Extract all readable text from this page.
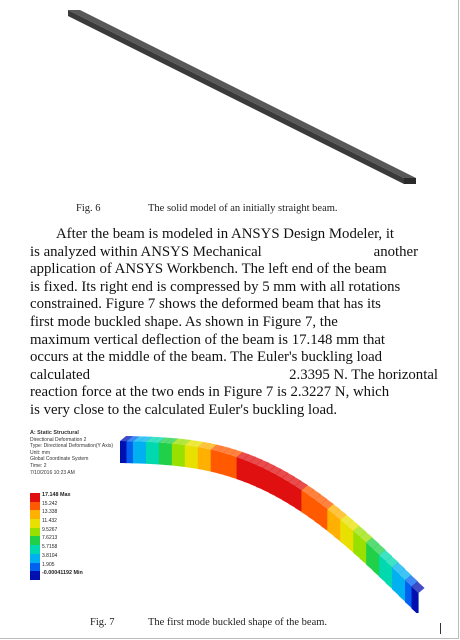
Fig. 6	The solid model of an initially straight beam.
After the beam is modeled in ANSYS Design Modeler, it
is analyzed within ANSYS Mechanical	another
application of ANSYS Workbench. The left end of the beam
is fixed. Its right end is compressed by 5 mm with all rotations
constrained. Figure 7 shows the deformed beam that has its
first mode buckled shape. As shown in Figure 7, the
maximum vertical deflection of the beam is 17.148 mm that
occurs at the middle of the beam. The Euler's buckling load
calculated	2.3395 N. The horizontal
reaction force at the two ends in Figure 7 is 2.3227 N, which
is very close to the calculated Euler's buckling load.
A: Static Structural
Directional Deformation 2
Type: Directional Deformation(Y Axis)
Unit: mm
Global Coordinate System
Time: 2
7/10/2016 10:23 AM
17.148 Max
15.242
13.338
11.432
9.5267
7.6213
5.7158
3.8104
1.905
-0.00041192 Min
Fig. 7	The first mode buckled shape of the beam.
